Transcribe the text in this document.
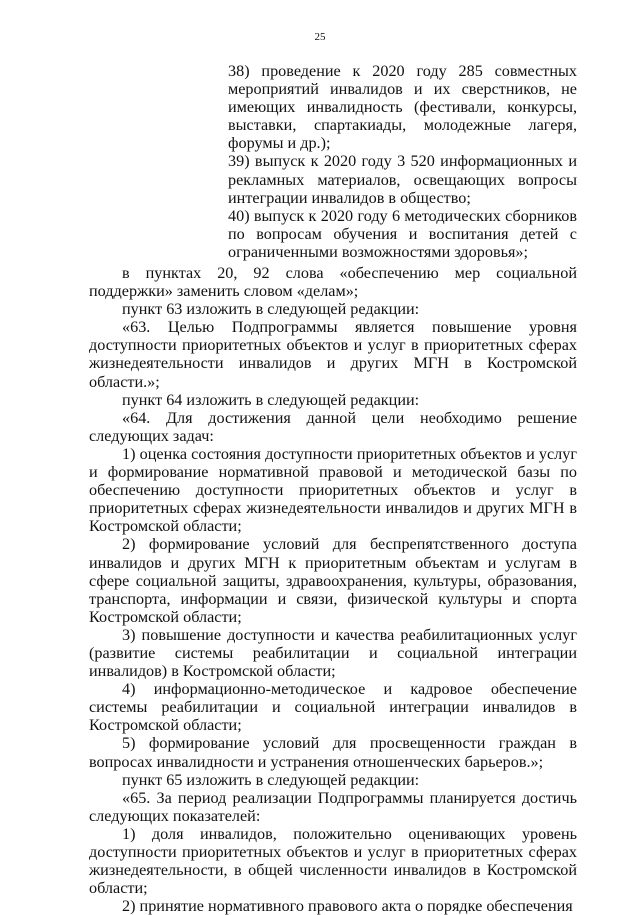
25

38) проведение к 2020 году 285 совместных мероприятий инвалидов и их сверстников, не имеющих инвалидность (фестивали, конкурсы, выставки, спартакиады, молодежные лагеря, форумы и др.);

39) выпуск к 2020 году 3 520 информационных и рекламных материалов, освещающих вопросы интеграции инвалидов в общество;

40) выпуск к 2020 году 6 методических сборников по вопросам обучения и воспитания детей с ограниченными возможностями здоровья»;

в пунктах 20, 92 слова «обеспечению мер социальной поддержки» заменить словом «делам»;

пункт 63 изложить в следующей редакции:

«63. Целью Подпрограммы является повышение уровня доступности приоритетных объектов и услуг в приоритетных сферах жизнедеятельности инвалидов и других МГН в Костромской области.»;

пункт 64 изложить в следующей редакции:

«64. Для достижения данной цели необходимо решение следующих задач:

1) оценка состояния доступности приоритетных объектов и услуг и формирование нормативной правовой и методической базы по обеспечению доступности приоритетных объектов и услуг в приоритетных сферах жизнедеятельности инвалидов и других МГН в Костромской области;

2) формирование условий для беспрепятственного доступа инвалидов и других МГН к приоритетным объектам и услугам в сфере социальной защиты, здравоохранения, культуры, образования, транспорта, информации и связи, физической культуры и спорта Костромской области;

3) повышение доступности и качества реабилитационных услуг (развитие системы реабилитации и социальной интеграции инвалидов) в Костромской области;

4) информационно-методическое и кадровое обеспечение системы реабилитации и социальной интеграции инвалидов в Костромской области;

5) формирование условий для просвещенности граждан в вопросах инвалидности и устранения отношенческих барьеров.»;

пункт 65 изложить в следующей редакции:

«65. За период реализации Подпрограммы планируется достичь следующих показателей:

1) доля инвалидов, положительно оценивающих уровень доступности приоритетных объектов и услуг в приоритетных сферах жизнедеятельности, в общей численности инвалидов в Костромской области;

2) принятие нормативного правового акта о порядке обеспечения
